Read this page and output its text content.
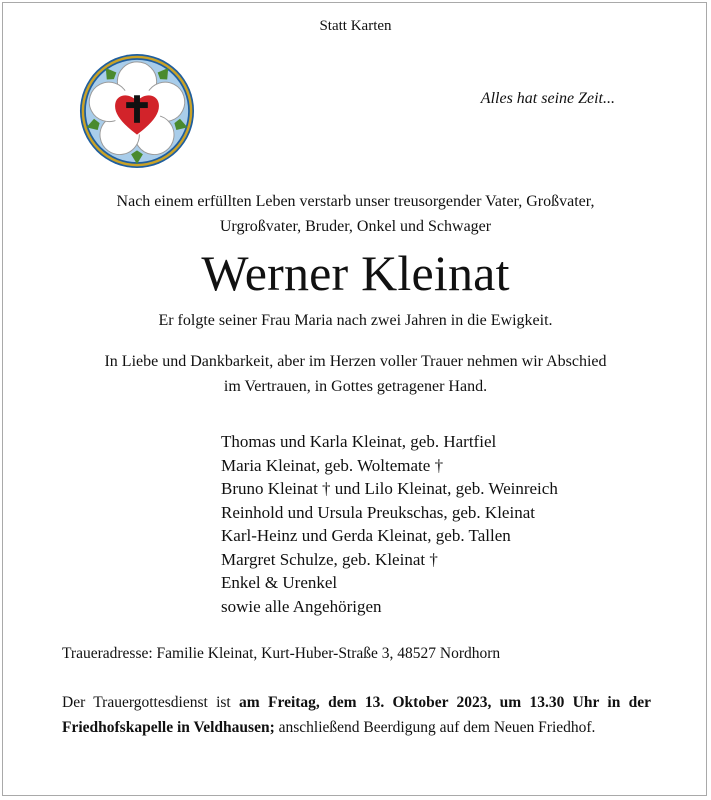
Statt Karten
Alles hat seine Zeit...
Nach einem erfüllten Leben verstarb unser treusorgender Vater, Großvater,
Urgroßvater, Bruder, Onkel und Schwager
Werner Kleinat
Er folgte seiner Frau Maria nach zwei Jahren in die Ewigkeit.
In Liebe und Dankbarkeit, aber im Herzen voller Trauer nehmen wir Abschied
im Vertrauen, in Gottes getragener Hand.
Thomas und Karla Kleinat, geb. Hartfiel
Maria Kleinat, geb. Woltemate †
Bruno Kleinat † und Lilo Kleinat, geb. Weinreich
Reinhold und Ursula Preukschas, geb. Kleinat
Karl-Heinz und Gerda Kleinat, geb. Tallen
Margret Schulze, geb. Kleinat †
Enkel & Urenkel
sowie alle Angehörigen
Traueradresse: Familie Kleinat, Kurt-Huber-Straße 3, 48527 Nordhorn
Der Trauergottesdienst ist am Freitag, dem 13. Oktober 2023, um 13.30 Uhr in der Friedhofskapelle in Veldhausen; anschließend Beerdigung auf dem Neuen Friedhof.
